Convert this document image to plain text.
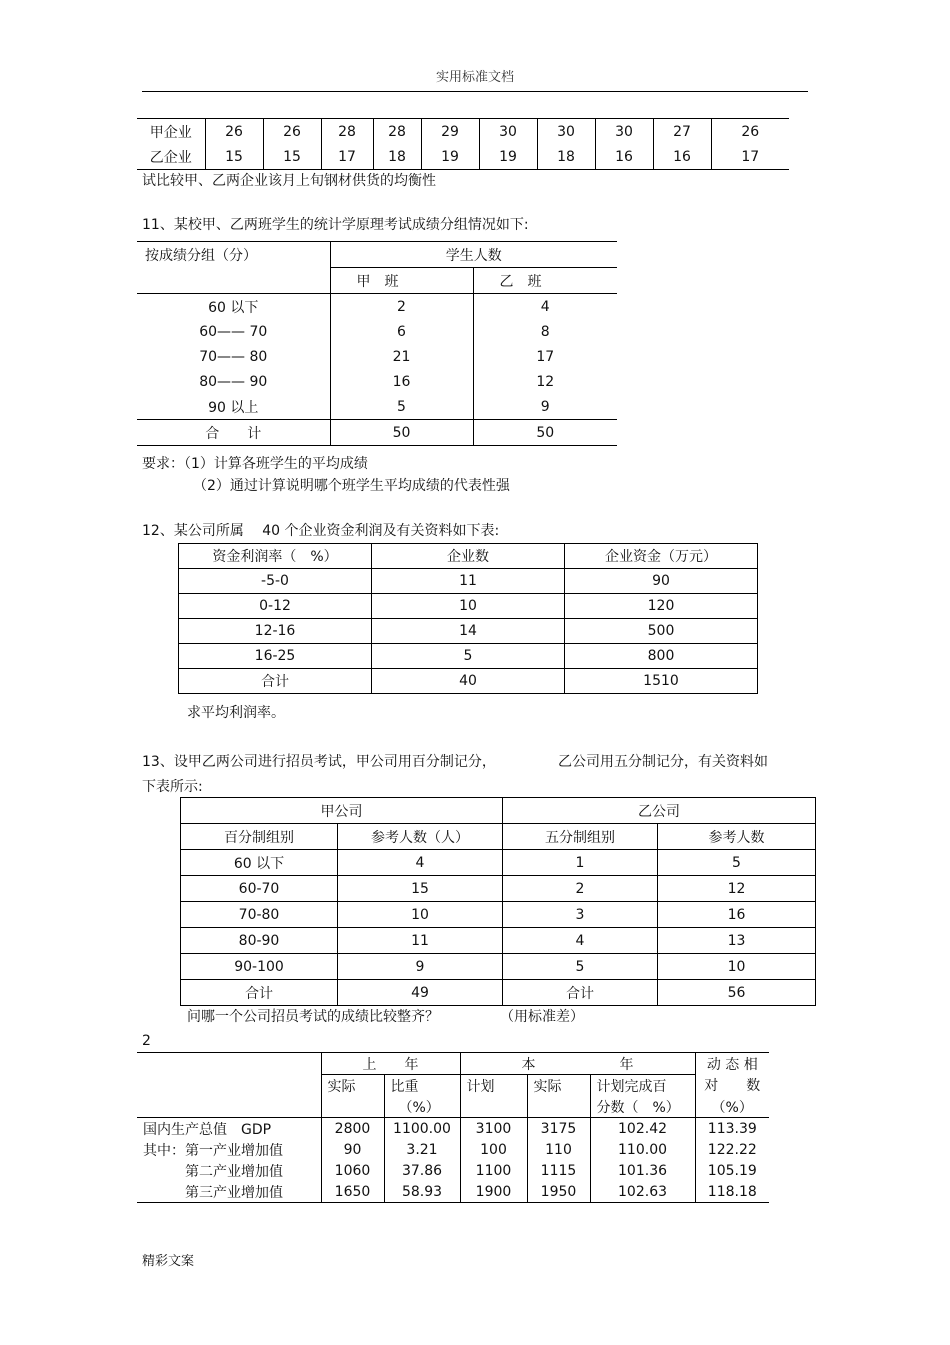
实用标准文档
甲企业	26	26	28	28	29	30	30	30	27	26
乙企业	15	15	17	18	19	19	18	16	16	17
试比较甲、乙两企业该月上旬钢材供货的均衡性
11、某校甲、乙两班学生的统计学原理考试成绩分组情况如下:
按成绩分组（分）	学生人数	
	甲　班	乙　班
60 以下	2	4
60—— 70	6	8
70—— 80	21	17
80—— 90	16	12
90 以上	5	9
合　　计	50	50
要求：（1）计算各班学生的平均成绩
（2）通过计算说明哪个班学生平均成绩的代表性强
12、某公司所属　 40 个企业资金利润及有关资料如下表:
资金利润率（　%）	企业数	企业资金（万元）
-5-0	11	90
0-12	10	120
12-16	14	500
16-25	5	800
合计	40	1510
求平均利润率。
13、设甲乙两公司进行招员考试，甲公司用百分制记分，	乙公司用五分制记分，有关资料如
下表所示:
甲公司		乙公司	
百分制组别	参考人数（人）	五分制组别	参考人数
60 以下	4	1	5
60-70	15	2	12
70-80	10	3	16
80-90	11	4	13
90-100	9	5	10
合计	49	合计	56
问哪一个公司招员考试的成绩比较整齐？	（用标准差）
2
	上　　年		本　　　　　　年			动 态 相
	实际	比重	计划	实际	计划完成百	对　　数
		（%）			分数（　%）	（%）
国内生产总值　GDP	2800	1100.00	3100	3175	102.42	113.39
其中：第一产业增加值	90	3.21	100	110	110.00	122.22
　　　第二产业增加值	1060	37.86	1100	1115	101.36	105.19
　　　第三产业增加值	1650	58.93	1900	1950	102.63	118.18
精彩文案
